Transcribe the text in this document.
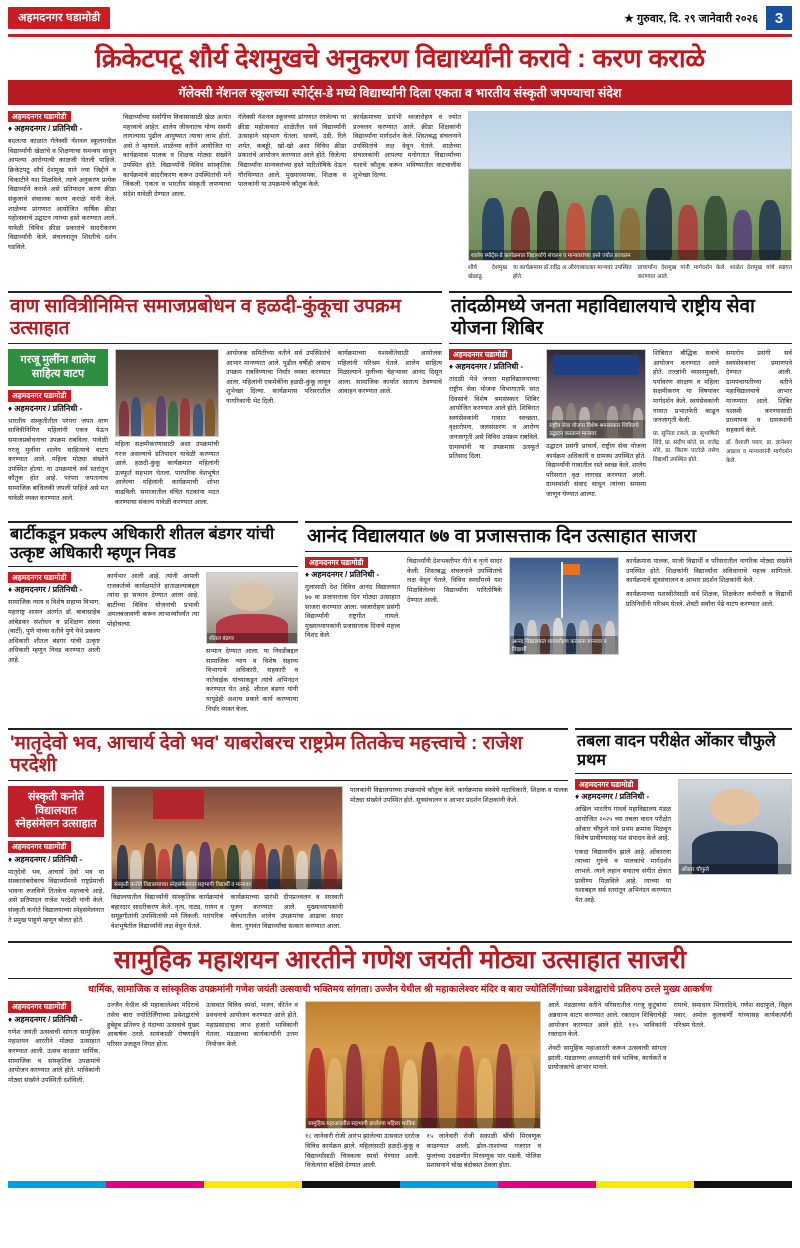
अहमदनगर घडामोडी	★ गुरुवार, दि. २९ जानेवारी २०२६	3
क्रिकेटपटू शौर्य देशमुखचे अनुकरण विद्यार्थ्यांनी करावे : करण कराळे
गॅलेक्सी नॅशनल स्कूलच्या स्पोर्ट्स-डे मध्ये विद्यार्थ्यांनी दिला एकता व भारतीय संस्कृती जपण्याचा संदेश
अहमदनगर घडामोडी
♦ अहमदनगर / प्रतिनिधी -

बदलत्या काळात गॅलेक्सी नॅशनल स्कूलमधील विद्यार्थ्यांनी खेळांचे व शिक्षणाचा समन्वय साधून आपल्या आरोग्याची काळजी घेतली पाहिजे. क्रिकेटपटू शौर्य देशमुख याने ज्या जिद्दीने व चिकाटीने यश मिळविले, त्याचे अनुकरण प्रत्येक विद्यार्थ्याने करावे असे प्रतिपादन करण क्रीडा संकुलाचे संचालक करण कराळे यांनी केले. शाळेच्या प्रांगणात आयोजित वार्षिक क्रीडा महोत्सवाचे उद्घाटन त्यांच्या हस्ते करण्यात आले. यावेळी विविध क्रीडा प्रकारांचे सादरीकरण विद्यार्थ्यांनी केले. संचलनातून शिस्तीचे दर्शन घडविले.

विद्यार्थ्यांच्या सर्वांगीण विकासासाठी खेळ अत्यंत महत्त्वाचे आहेत. शालेय जीवनातच योग्य सवयी लागल्यास पुढील आयुष्यात त्याचा लाभ होतो, असे ते म्हणाले. शाळेच्या वतीने आयोजित या कार्यक्रमास पालक व शिक्षक मोठ्या संख्येने उपस्थित होते. विद्यार्थ्यांनी विविध सांस्कृतिक कार्यक्रमांचे सादरीकरण करून उपस्थितांची मने जिंकली. एकता व भारतीय संस्कृती जपण्याचा संदेश यावेळी देण्यात आला.

गॅलेक्सी नॅशनल स्कूलच्या प्रांगणात रंगलेल्या या क्रीडा महोत्सवात शाळेतील सर्व विद्यार्थ्यांनी उत्साहाने सहभाग घेतला. धावणे, उडी, रिले शर्यत, कबड्डी, खो-खो अशा विविध क्रीडा प्रकारांचे आयोजन करण्यात आले होते. विजेत्या विद्यार्थ्यांना मान्यवरांच्या हस्ते पारितोषिके देऊन गौरविण्यात आले. मुख्याध्यापक, शिक्षक व पालकांनी या उपक्रमाचे कौतुक केले.

कार्यक्रमाच्या प्रारंभी ध्वजारोहण व ज्योत प्रज्वलन करण्यात आले. क्रीडा शिक्षकांनी विद्यार्थ्यांना मार्गदर्शन केले. शिस्तबद्ध संचलनाने उपस्थितांचे लक्ष वेधून घेतले. शाळेच्या संचालकांनी आपल्या मनोगतात विद्यार्थ्यांच्या यशाचे कौतुक करून भविष्यातील वाटचालीस शुभेच्छा दिल्या.

शालेय स्पोर्ट्स-डे कार्यक्रमात विद्यार्थ्यांचे संचलन व मान्यवरांच्या हस्ते ज्योत प्रज्वलन
शौर्य देशमुख खेळाडू.
या कार्यक्रमास डॉ.रवींद्र अ.औरंगाबादकर मान्यवर उपस्थित होते.
प्राचार्यांना देशमुख यांनी मार्गदर्शन केले. शाळेत देशमुख यांचे स्वागत करण्यात आले.
वाण सावित्रीनिमित्त समाजप्रबोधन व हळदी-कुंकूचा उपक्रम उत्साहात
गरजू मुलींना शालेय साहित्य वाटप
अहमदनगर घडामोडी
♦ अहमदनगर / प्रतिनिधी -

भारतीय संस्कृतीतील परंपरा जपत वाण सावित्रीनिमित्त महिलांनी एकत्र येऊन समाजप्रबोधनाचा उपक्रम राबविला. यावेळी गरजू मुलींना शालेय साहित्याचे वाटप करण्यात आले. महिला मोठ्या संख्येने उपस्थित होत्या. या उपक्रमाचे सर्व स्तरांतून कौतुक होत आहे. परंपरा जपतानाच सामाजिक बांधिलकी जपली पाहिजे असे मत यावेळी व्यक्त करण्यात आले.

महिला सक्षमीकरणासाठी अशा उपक्रमांची गरज असल्याचे प्रतिपादन यावेळी करण्यात आले. हळदी-कुंकू कार्यक्रमात महिलांनी उत्स्फूर्त सहभाग घेतला. पारंपरिक वेशभूषेत आलेल्या महिलांनी कार्यक्रमाची शोभा वाढविली. समाजातील वंचित घटकांना मदत करण्याचा संकल्प यावेळी करण्यात आला.

आयोजक समितीच्या वतीने सर्व उपस्थितांचे आभार मानण्यात आले. पुढील वर्षीही असाच उपक्रम राबविण्याचा निर्धार व्यक्त करण्यात आला. महिलांनी एकमेकींना हळदी-कुंकू लावून शुभेच्छा दिल्या. कार्यक्रमास परिसरातील नागरिकांनी भेट दिली.

कार्यक्रमाच्या यशस्वीतेसाठी आयोजक महिलांनी परिश्रम घेतले. शालेय साहित्य मिळाल्याने मुलींच्या चेहऱ्यावर आनंद दिसून आला. सामाजिक कार्यात सातत्य ठेवण्याचे आवाहन करण्यात आले.

तांदळीमध्ये जनता महाविद्यालयाचे राष्ट्रीय सेवा योजना शिबिर
अहमदनगर घडामोडी
♦ अहमदनगर / प्रतिनिधी -

तांदळी येथे जनता महाविद्यालयाच्या राष्ट्रीय सेवा योजना विभागातर्फे सात दिवसांचे विशेष श्रमसंस्कार शिबिर आयोजित करण्यात आले होते. शिबिरात स्वयंसेवकांनी गावात स्वच्छता, वृक्षारोपण, जलसंधारण व आरोग्य जनजागृती असे विविध उपक्रम राबविले. ग्रामस्थांनी या उपक्रमास उत्स्फूर्त प्रतिसाद दिला.

राष्ट्रीय सेवा योजना विशेष श्रमसंस्कार शिबिराचे उद्घाटन करताना मान्यवर

उद्घाटन प्रसंगी प्राचार्य, राष्ट्रीय सेवा योजना कार्यक्रम अधिकारी व ग्रामस्थ उपस्थित होते. विद्यार्थ्यांनी गावातील रस्ते स्वच्छ केले. शालेय परिसरात वृक्ष लागवड करण्यात आली. ग्रामस्थांशी संवाद साधून त्यांच्या समस्या जाणून घेण्यात आल्या.

शिबिरात बौद्धिक सत्रांचे आयोजन करण्यात आले होते. तज्ज्ञांनी व्यसनमुक्ती, पर्यावरण संरक्षण व महिला सक्षमीकरण या विषयांवर मार्गदर्शन केले. स्वयंसेवकांनी गावात प्रभातफेरी काढून जनजागृती केली.

प्रा. सुनिता टकले, प्रा. सुभाषिनी शिंदे, प्रा. संदीप कोते, प्रा. राजेंद्र मोरे, प्रा. किरण पाटोळे तसेच विद्यार्थी उपस्थित होते.

समारोप प्रसंगी सर्व स्वयंसेवकांना प्रमाणपत्रे देण्यात आली. ग्रामपंचायतीच्या वतीने महाविद्यालयाचे आभार मानण्यात आले. शिबिर यशस्वी करण्यासाठी प्राध्यापक व ग्रामस्थांनी सहकार्य केले.

डॉ. वैशाली पवार, प्रा. ज्ञानेश्वर आढाव व मान्यवरांनी मार्गदर्शन केले.

बार्टीकडून प्रकल्प अधिकारी शीतल बंडगर यांची उत्कृष्ट अधिकारी म्हणून निवड
अहमदनगर घडामोडी
♦ अहमदनगर / प्रतिनिधी -

सामाजिक न्याय व विशेष सहाय्य विभाग, महाराष्ट्र शासन अंतर्गत डॉ. बाबासाहेब आंबेडकर संशोधन व प्रशिक्षण संस्था (बार्टी), पुणे यांच्या वतीने पुणे येथे प्रकल्प अधिकारी शीतल बंडगर यांची उत्कृष्ट अधिकारी म्हणून निवड करण्यात आली आहे.

कार्यभार आली आहे. त्यांनी आपली राजकर्तव्ये कार्यक्षमतेने हाताळल्याबद्दल त्यांना हा सन्मान देण्यात आला आहे. बार्टीच्या विविध योजनांची प्रभावी अंमलबजावणी करून लाभार्थ्यांपर्यंत त्या पोहोचल्या.

शीतल बंडगर

सन्मान देण्यात आला. या निवडीबद्दल सामाजिक न्याय व विशेष सहाय्य विभागाचे अधिकारी, सहकारी व नातेवाईक यांच्याकडून त्यांचे अभिनंदन करण्यात येत आहे. शीतल बंडगर यांनी यापुढेही अशाच प्रकारे कार्य करण्याचा निर्धार व्यक्त केला.

आनंद विद्यालयात ७७ वा प्रजासत्ताक दिन उत्साहात साजरा
अहमदनगर घडामोडी
♦ अहमदनगर / प्रतिनिधी -

मुलांसाठी देश विविध आनंद विद्यालयात ७७ वा प्रजासत्ताक दिन मोठ्या उत्साहात साजरा करण्यात आला. ध्वजारोहण प्रसंगी विद्यार्थ्यांनी राष्ट्रगीत गायले. मुख्याध्यापकांनी प्रजासत्ताक दिनाचे महत्त्व विशद केले.

विद्यार्थ्यांनी देशभक्तीपर गीते व नृत्ये सादर केली. शिस्तबद्ध संचलनाने उपस्थितांचे लक्ष वेधून घेतले. विविध स्पर्धांमध्ये यश मिळविलेल्या विद्यार्थ्यांना पारितोषिके देण्यात आली.

आनंद विद्यालयात ध्वजारोहण करताना मान्यवर व विद्यार्थी

कार्यक्रमास पालक, माजी विद्यार्थी व परिसरातील नागरिक मोठ्या संख्येने उपस्थित होते. शिक्षकांनी विद्यार्थ्यांना संविधानाचे महत्त्व सांगितले. कार्यक्रमाचे सूत्रसंचालन व आभार प्रदर्शन शिक्षकांनी केले.

कार्यक्रमाच्या यशस्वीतेसाठी सर्व शिक्षक, शिक्षकेतर कर्मचारी व विद्यार्थी प्रतिनिधींनी परिश्रम घेतले. शेवटी सर्वांना पेढे वाटप करण्यात आले.

'मातृदेवो भव, आचार्य देवो भव' याबरोबरच राष्ट्रप्रेम तितकेच महत्त्वाचे : राजेश परदेशी
संस्कृती कनोते विद्यालयात स्नेहसंमेलन उत्साहात
अहमदनगर घडामोडी
♦ अहमदनगर / प्रतिनिधी -

मातृदेवो भव, आचार्य देवो भव या संस्कारांबरोबरच विद्यार्थ्यांमध्ये राष्ट्रप्रेमाची भावना रुजविणे तितकेच महत्त्वाचे आहे, असे प्रतिपादन राजेश परदेशी यांनी केले. संस्कृती कनोते विद्यालयाच्या स्नेहसंमेलनात ते प्रमुख पाहुणे म्हणून बोलत होते.

संस्कृती कनोते विद्यालयाच्या स्नेहसंमेलनात सहभागी विद्यार्थी व मान्यवर

विद्यालयातील विद्यार्थ्यांनी सांस्कृतिक कार्यक्रमांचे बहारदार सादरीकरण केले. नृत्य, नाट्य, गायन व समूहगीतांनी उपस्थितांची मने जिंकली. पारंपरिक वेशभूषेतील विद्यार्थ्यांनी लक्ष वेधून घेतले.

कार्यक्रमाच्या प्रारंभी दीपप्रज्वलन व सरस्वती पूजन करण्यात आले. मुख्याध्यापकांनी वर्षभरातील शालेय उपक्रमांचा आढावा सादर केला. गुणवंत विद्यार्थ्यांचा सत्कार करण्यात आला.

पालकांनी विद्यालयाच्या उपक्रमांचे कौतुक केले. कार्यक्रमास संस्थेचे पदाधिकारी, शिक्षक व पालक मोठ्या संख्येने उपस्थित होते. सूत्रसंचालन व आभार प्रदर्शन शिक्षकांनी केले.

तबला वादन परीक्षेत ओंकार चौफुले प्रथम
अहमदनगर घडामोडी
♦ अहमदनगर / प्रतिनिधी -

अखिल भारतीय गांधर्व महाविद्यालय मंडळ आयोजित २०२५ च्या तबला वादन परीक्षेत ओंकार चौफुले याने प्रथम क्रमांक मिळवून विशेष प्रावीण्यासह यश संपादन केले आहे.

एकदा विद्यालयीन झाले आहे. ओंकारला त्याच्या गुरुंचे व पालकांचे मार्गदर्शन लाभले. त्याने लहान वयातच संगीत क्षेत्रात प्रावीण्य मिळविले आहे. त्याच्या या यशाबद्दल सर्व स्तरांतून अभिनंदन करण्यात येत आहे.

ओंकार चौफुले
सामुहिक महाशयन आरतीने गणेश जयंती मोठ्या उत्साहात साजरी
धार्मिक, सामाजिक व सांस्कृतिक उपक्रमांनी गणेश जयंती उत्सवाची भक्तिमय सांगता। उज्जैन येथील श्री महाकालेश्वर मंदिर व बारा ज्योतिर्लिंगांच्या प्रवेशद्वारांचे प्रतिरुप ठरले मुख्य आकर्षण
अहमदनगर घडामोडी
♦ अहमदनगर / प्रतिनिधी -

गणेश जयंती उत्सवाची सांगता सामुहिक महाशयन आरतीने मोठ्या उत्साहात करण्यात आली. उत्सव काळात धार्मिक, सामाजिक व सांस्कृतिक उपक्रमांचे आयोजन करण्यात आले होते. भाविकांनी मोठ्या संख्येने उपस्थिती दर्शविली.

उज्जैन येथील श्री महाकालेश्वर मंदिराचे तसेच बारा ज्योतिर्लिंगांच्या प्रवेशद्वारांचे हुबेहूब प्रतिरुप हे यंदाच्या उत्सवाचे मुख्य आकर्षण ठरले. सायंकाळी रोषणाईने परिसर उजळून निघत होता.

उत्सवात विविध स्पर्धा, भजन, कीर्तन व प्रवचनाचे आयोजन करण्यात आले होते. महाप्रसादाचा लाभ हजारो भाविकांनी घेतला. मंडळाच्या कार्यकर्त्यांनी उत्तम नियोजन केले.

सामुहिक महाआरतीत सहभागी झालेल्या महिला भाविक

१८ जानेवारी रोजी आरंभ झालेल्या उत्सवात दररोज विविध कार्यक्रम झाले. महिलांसाठी हळदी-कुंकू व विद्यार्थ्यांसाठी चित्रकला स्पर्धा घेण्यात आली. विजेत्यांना बक्षिसे देण्यात आली.

१५ जानेवारी रोजी सकाळी श्रींची मिरवणूक काढण्यात आली. ढोल-ताशांच्या गजरात व फुलांच्या उधळणीत मिरवणूक पार पडली. पोलिस प्रशासनाने चोख बंदोबस्त ठेवला होता.

आले. मंडळाच्या वतीने परिसरातील गरजू कुटुंबांना अन्नधान्य वाटप करण्यात आले. रक्तदान शिबिराचेही आयोजन करण्यात आले होते. ११५ भाविकांनी रक्तदान केले.

शेवटी सामुहिक महाआरती करून उत्सवाची सांगता झाली. मंडळाच्या अध्यक्षांनी सर्व भाविक, कार्यकर्ते व प्रायोजकांचे आभार मानले.

रामाचे, समाधान भिंगारदिवे, गणेश सदाफुले, विठ्ठल पवार, अमोल कुलकर्णी यांच्यासह कार्यकर्त्यांनी परिश्रम घेतले.
